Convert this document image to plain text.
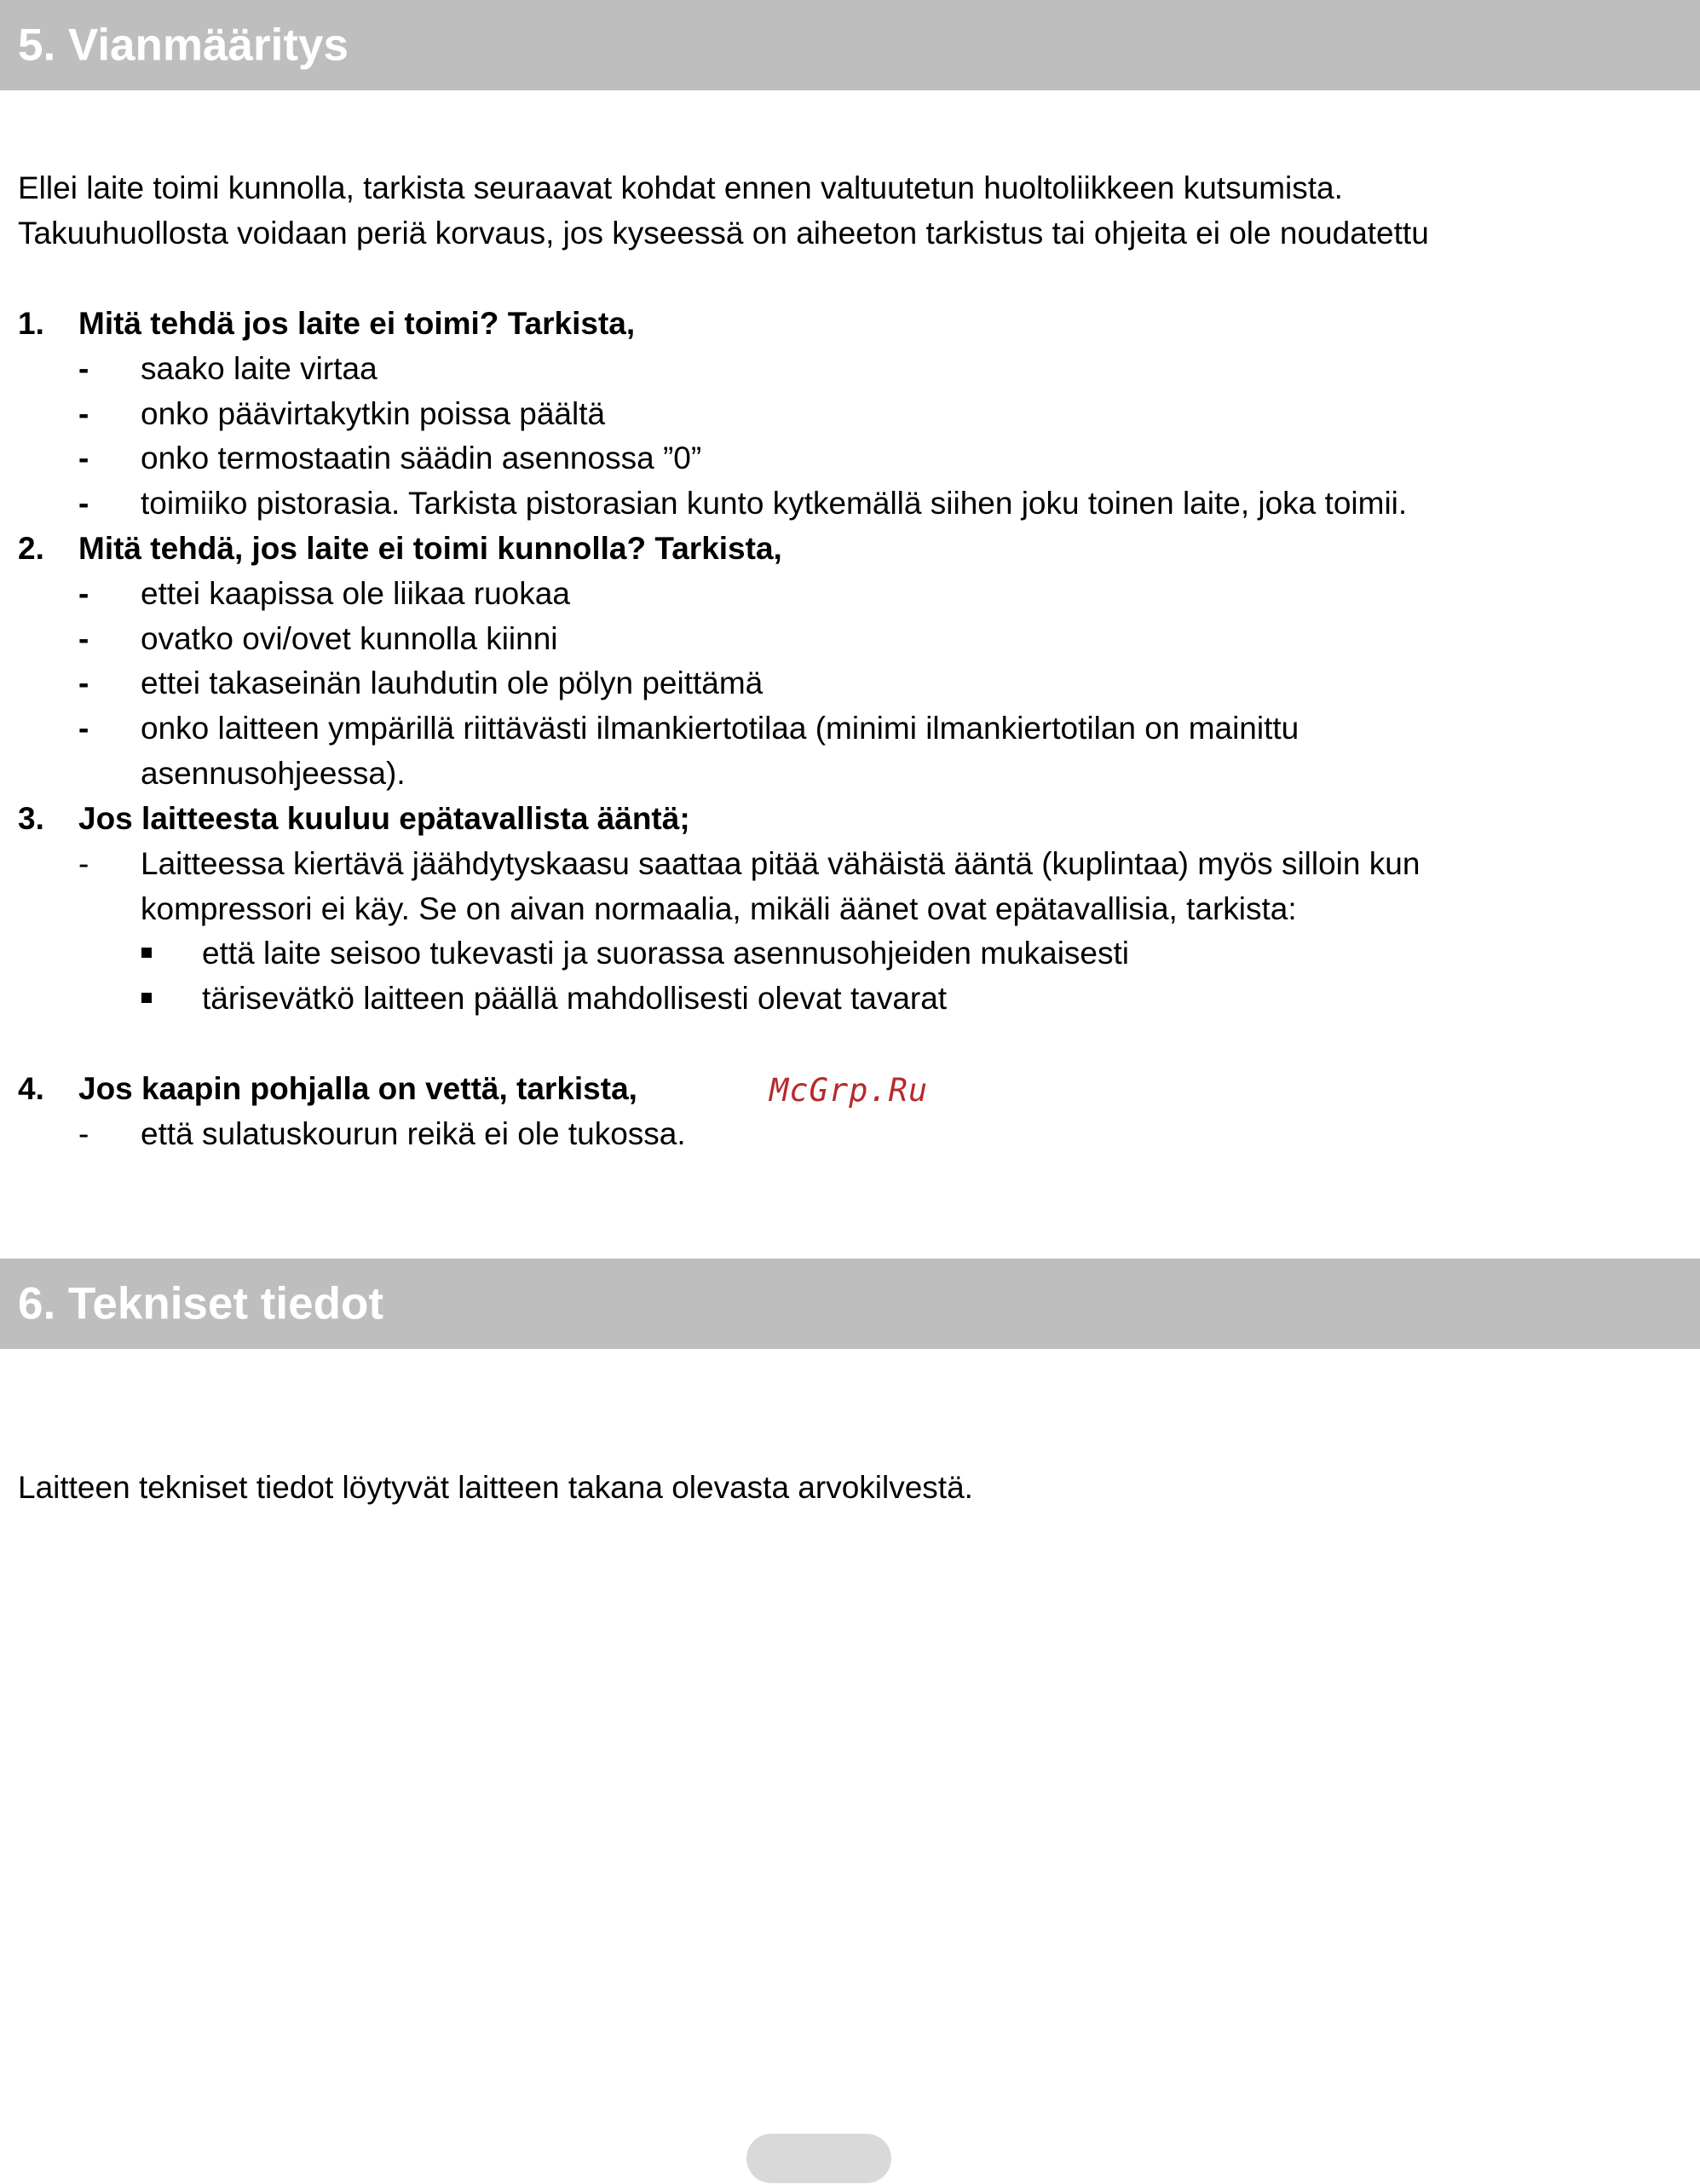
5. Vianmääritys
Ellei laite toimi kunnolla, tarkista seuraavat kohdat ennen valtuutetun huoltoliikkeen kutsumista.
Takuuhuollosta voidaan periä korvaus, jos kyseessä on aiheeton tarkistus tai ohjeita ei ole noudatettu
1. Mitä tehdä jos laite ei toimi? Tarkista,
- saako laite virtaa
- onko päävirtakytkin poissa päältä
- onko termostaatin säädin asennossa ”0”
- toimiiko pistorasia. Tarkista pistorasian kunto kytkemällä siihen joku toinen laite, joka toimii.
2. Mitä tehdä, jos laite ei toimi kunnolla? Tarkista,
- ettei kaapissa ole liikaa ruokaa
- ovatko ovi/ovet kunnolla kiinni
- ettei takaseinän lauhdutin ole pölyn peittämä
- onko laitteen ympärillä riittävästi ilmankiertotilaa (minimi ilmankiertotilan on mainittu
asennusohjeessa).
3. Jos laitteesta kuuluu epätavallista ääntä;
- Laitteessa kiertävä jäähdytyskaasu saattaa pitää vähäistä ääntä (kuplintaa) myös silloin kun
kompressori ei käy. Se on aivan normaalia, mikäli äänet ovat epätavallisia, tarkista:
että laite seisoo tukevasti ja suorassa asennusohjeiden mukaisesti
tärisevätkö laitteen päällä mahdollisesti olevat tavarat
4. Jos kaapin pohjalla on vettä, tarkista,
- että sulatuskourun reikä ei ole tukossa.
McGrp.Ru
6. Tekniset tiedot
Laitteen tekniset tiedot löytyvät laitteen takana olevasta arvokilvestä.
